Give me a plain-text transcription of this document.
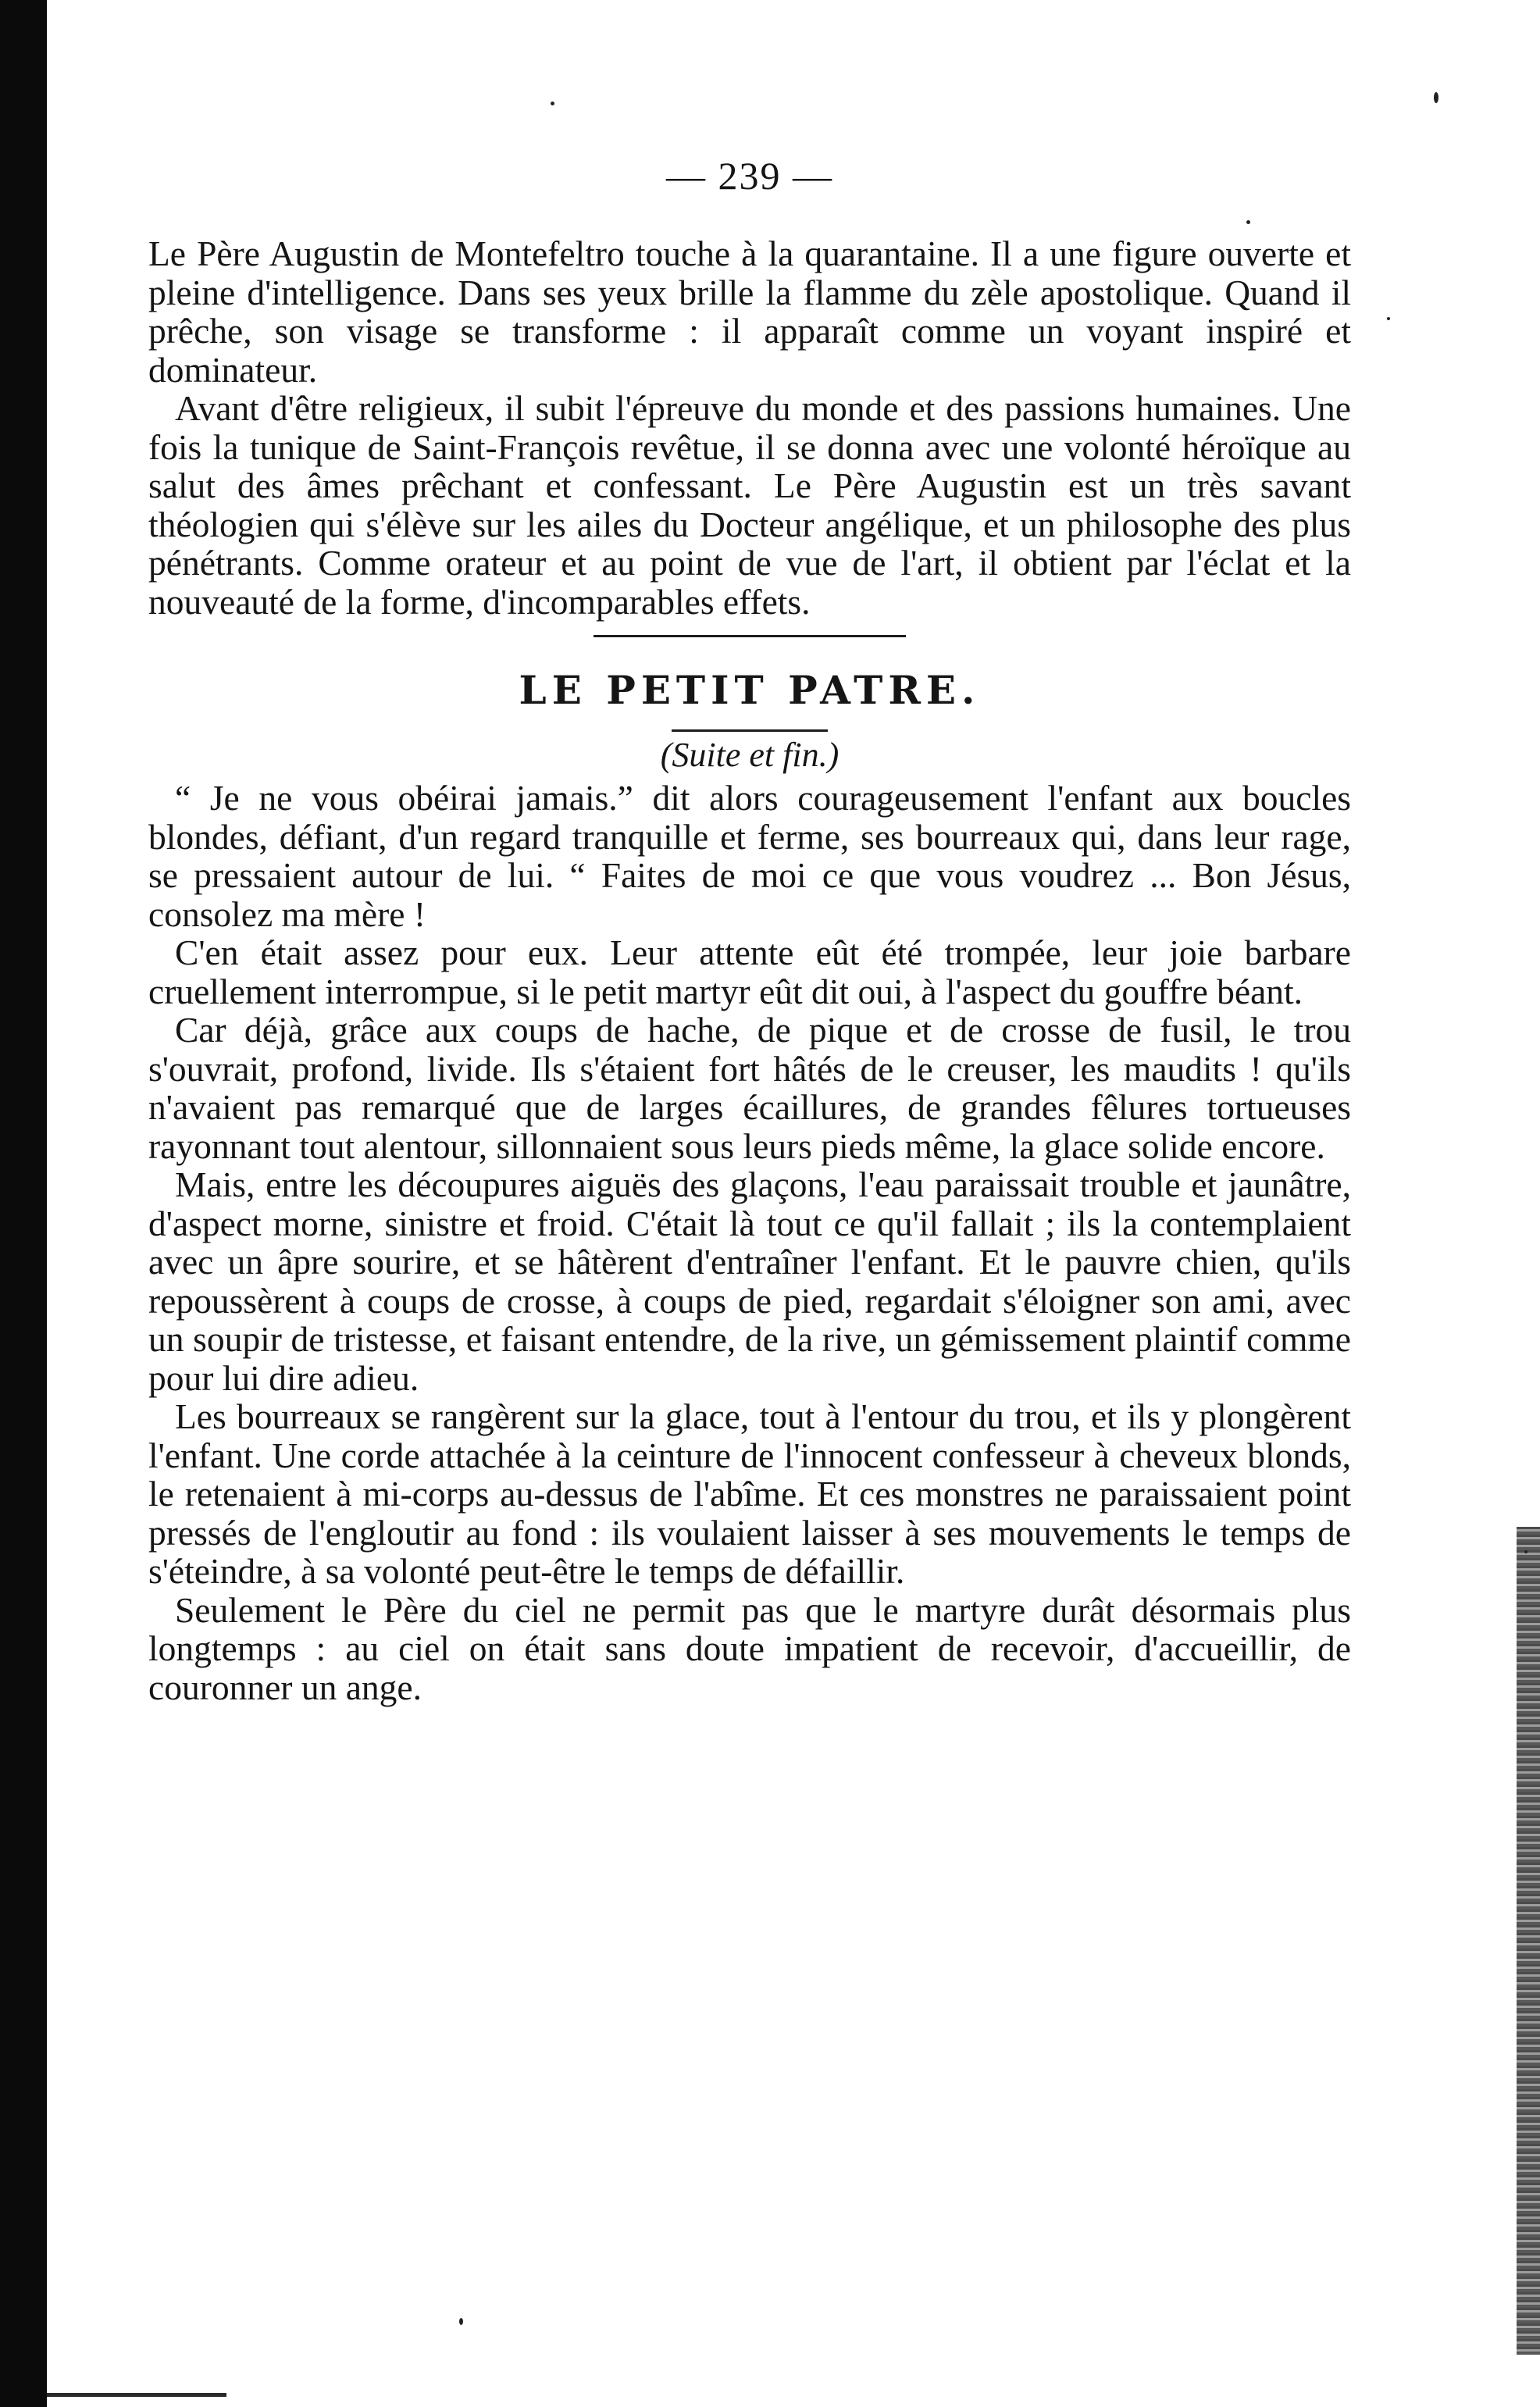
— 239 —

Le Père Augustin de Montefeltro touche à la quarantaine. Il a une figure ouverte et pleine d'intelligence. Dans ses yeux brille la flamme du zèle apostolique. Quand il prêche, son visage se transforme : il apparaît comme un voyant inspiré et dominateur.

Avant d'être religieux, il subit l'épreuve du monde et des passions humaines. Une fois la tunique de Saint-François revêtue, il se donna avec une volonté héroïque au salut des âmes prêchant et confessant. Le Père Augustin est un très savant théologien qui s'élève sur les ailes du Docteur angélique, et un philosophe des plus pénétrants. Comme orateur et au point de vue de l'art, il obtient par l'éclat et la nouveauté de la forme, d'incomparables effets.

LE PETIT PATRE.

(Suite et fin.)

“ Je ne vous obéirai jamais.” dit alors courageusement l'enfant aux boucles blondes, défiant, d'un regard tranquille et ferme, ses bourreaux qui, dans leur rage, se pressaient autour de lui. “ Faites de moi ce que vous voudrez ... Bon Jésus, consolez ma mère !

C'en était assez pour eux. Leur attente eût été trompée, leur joie barbare cruellement interrompue, si le petit martyr eût dit oui, à l'aspect du gouffre béant.

Car déjà, grâce aux coups de hache, de pique et de crosse de fusil, le trou s'ouvrait, profond, livide. Ils s'étaient fort hâtés de le creuser, les maudits ! qu'ils n'avaient pas remarqué que de larges écaillures, de grandes fêlures tortueuses rayonnant tout alentour, sillonnaient sous leurs pieds même, la glace solide encore.

Mais, entre les découpures aiguës des glaçons, l'eau paraissait trouble et jaunâtre, d'aspect morne, sinistre et froid. C'était là tout ce qu'il fallait ; ils la contemplaient avec un âpre sourire, et se hâtèrent d'entraîner l'enfant. Et le pauvre chien, qu'ils repoussèrent à coups de crosse, à coups de pied, regardait s'éloigner son ami, avec un soupir de tristesse, et faisant entendre, de la rive, un gémissement plaintif comme pour lui dire adieu.

Les bourreaux se rangèrent sur la glace, tout à l'entour du trou, et ils y plongèrent l'enfant. Une corde attachée à la ceinture de l'innocent confesseur à cheveux blonds, le retenaient à mi-corps au-dessus de l'abîme. Et ces monstres ne paraissaient point pressés de l'engloutir au fond : ils voulaient laisser à ses mouvements le temps de s'éteindre, à sa volonté peut-être le temps de défaillir.

Seulement le Père du ciel ne permit pas que le martyre durât désormais plus longtemps : au ciel on était sans doute impatient de recevoir, d'accueillir, de couronner un ange.
